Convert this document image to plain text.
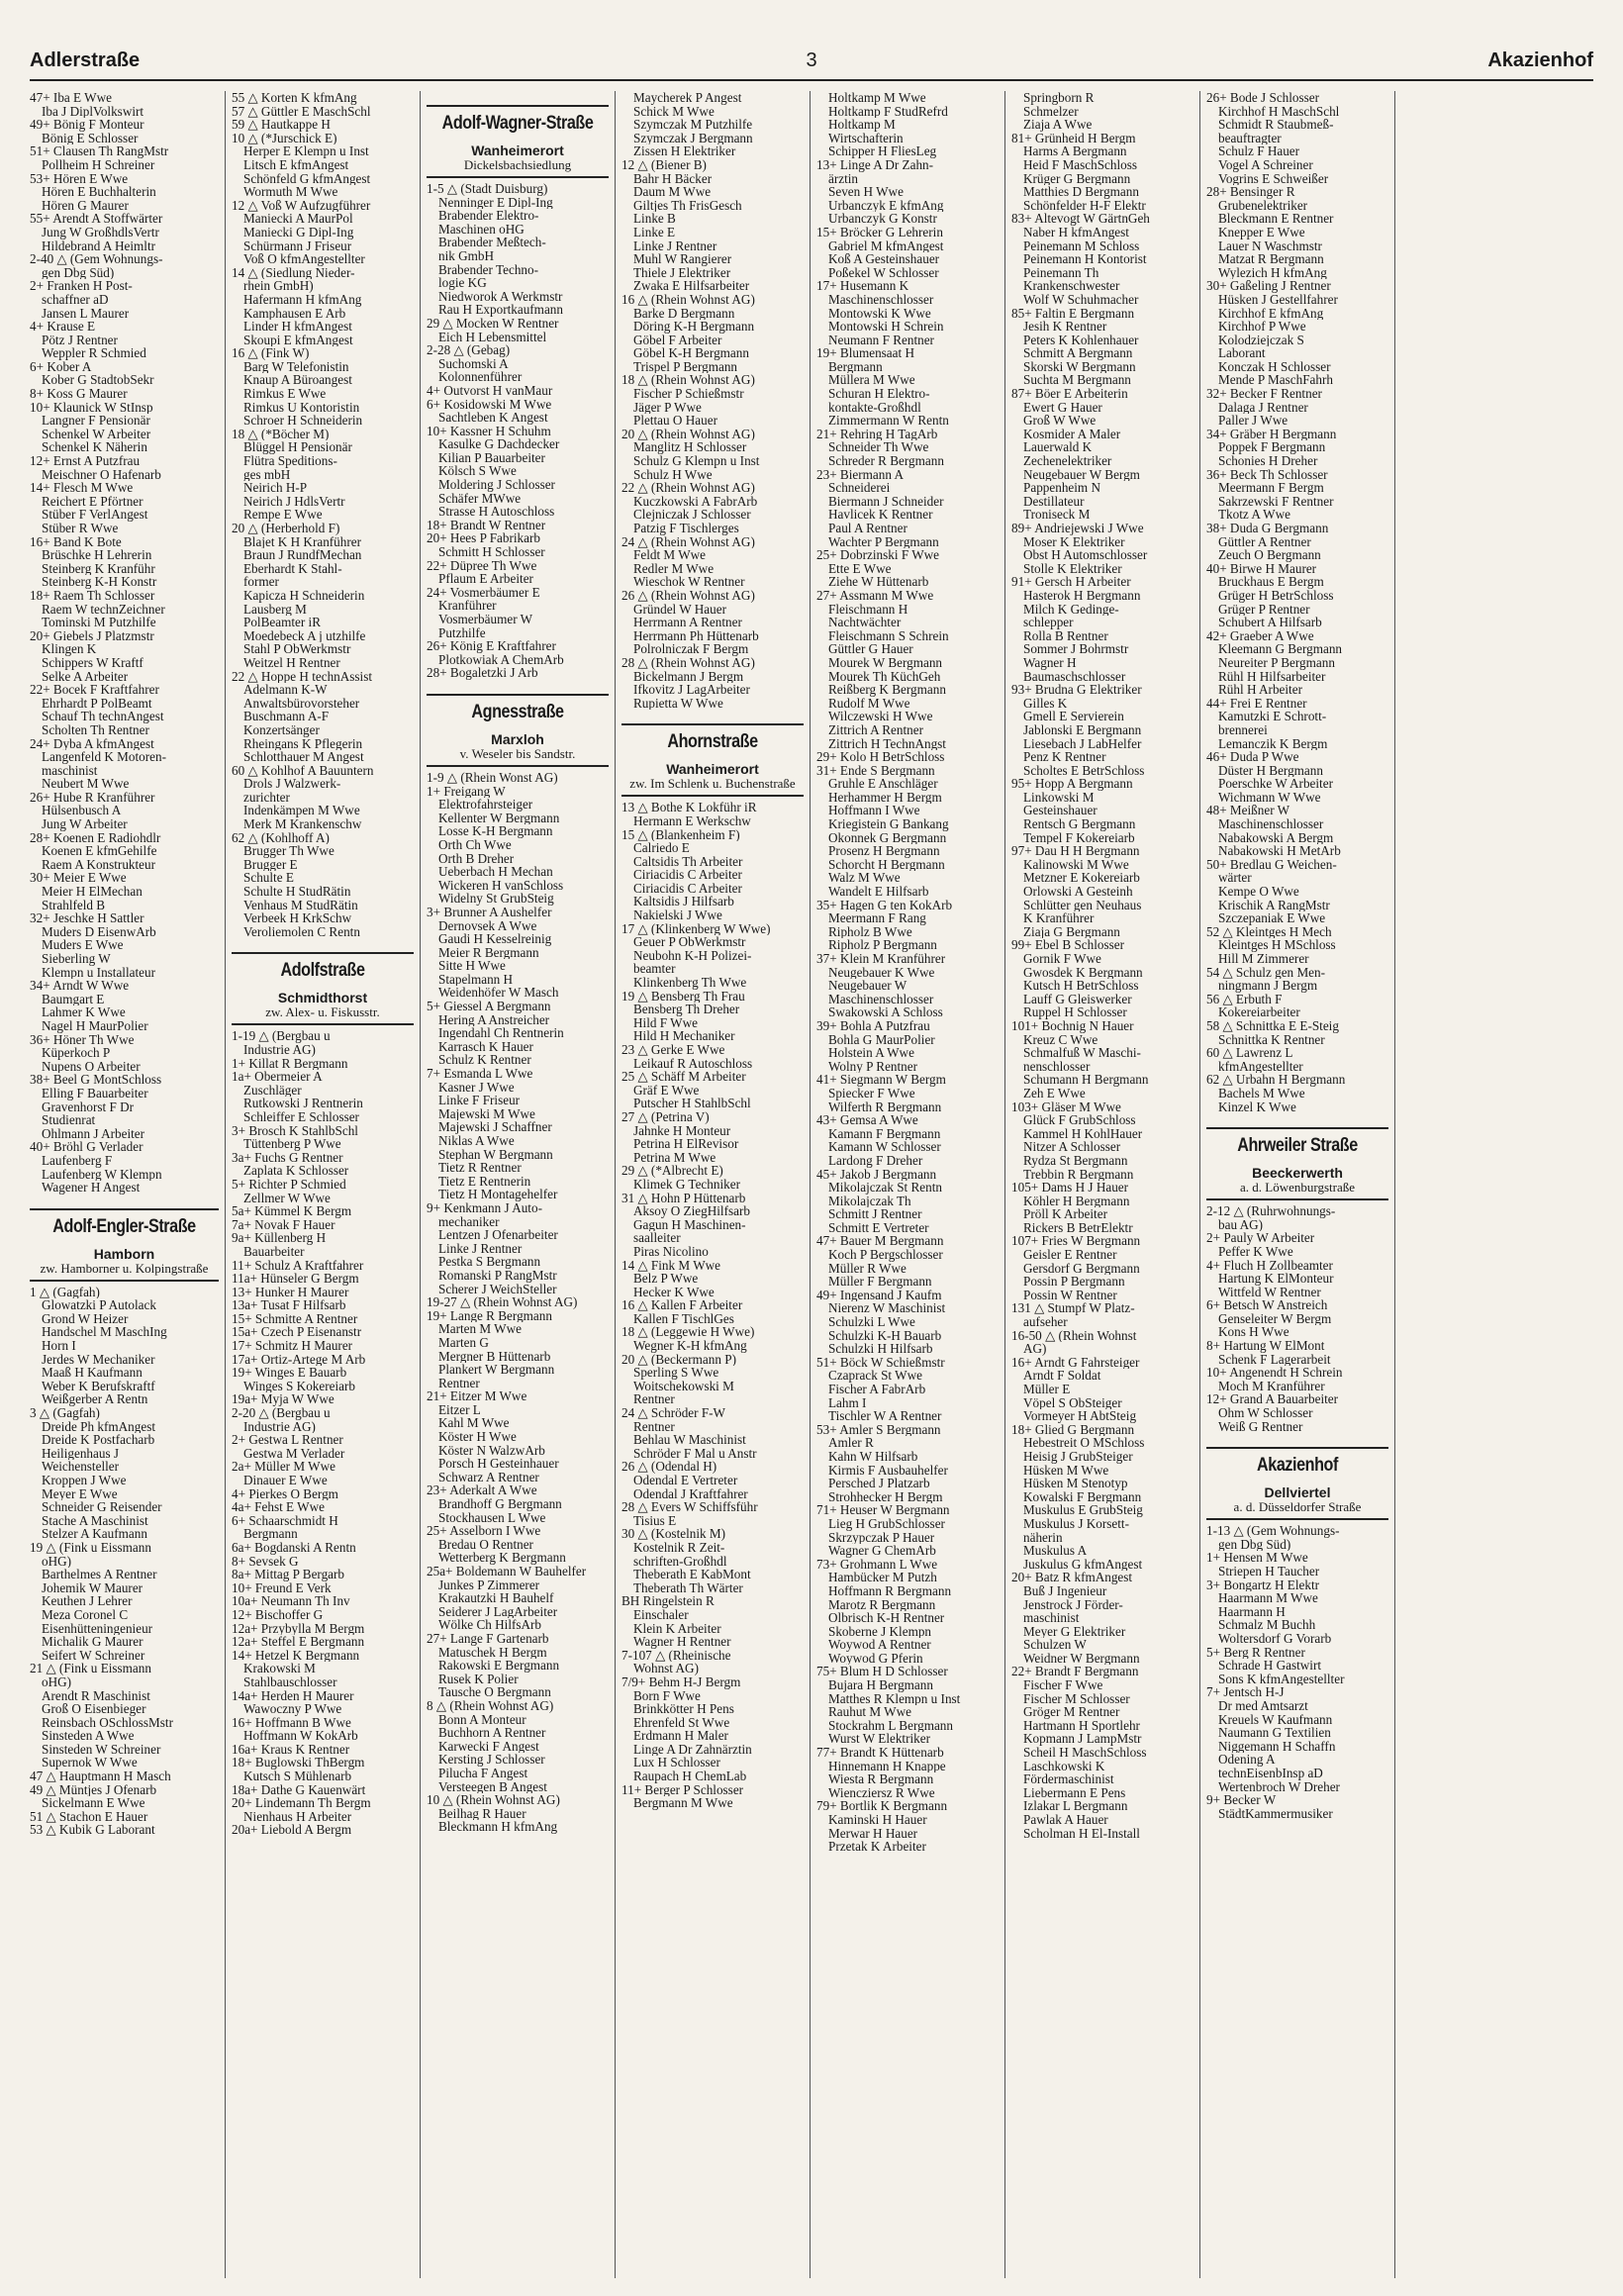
Adlerstraße	3	Akazienhof
47+ Iba E Wwe
Iba J DiplVolkswirt
49+ Bönig F Monteur
Bönig E Schlosser
51+ Clausen Th RangMstr
Pollheim H Schreiner
53+ Hören E Wwe
Hören E Buchhalterin
Hören G Maurer
55+ Arendt A Stoffwärter
Jung W GroßhdlsVertr
Hildebrand A Heimltr
2-40 △ (Gem Wohnungs-
gen Dbg Süd)
2+ Franken H Post-
schaffner aD
Jansen L Maurer
4+ Krause E
Pötz J Rentner
Weppler R Schmied
6+ Kober A
Kober G StadtobSekr
8+ Koss G Maurer
10+ Klaunick W StInsp
Langner F Pensionär
Schenkel W Arbeiter
Schenkel K Näherin
12+ Ernst A Putzfrau
Meischner O Hafenarb
14+ Flesch M Wwe
Reichert E Pförtner
Stüber F VerlAngest
Stüber R Wwe
16+ Band K Bote
Brüschke H Lehrerin
Steinberg K Kranführ
Steinberg K-H Konstr
18+ Raem Th Schlosser
Raem W technZeichner
Tominski M Putzhilfe
20+ Giebels J Platzmstr
Klingen K
Schippers W Kraftf
Selke A Arbeiter
22+ Bocek F Kraftfahrer
Ehrhardt P PolBeamt
Schauf Th technAngest
Scholten Th Rentner
24+ Dyba A kfmAngest
Langenfeld K Motoren-
maschinist
Neubert M Wwe
26+ Hube R Kranführer
Hülsenbusch A
Jung W Arbeiter
28+ Koenen E Radiohdlr
Koenen E kfmGehilfe
Raem A Konstrukteur
30+ Meier E Wwe
Meier H ElMechan
Strahlfeld B
32+ Jeschke H Sattler
Muders D EisenwArb
Muders E Wwe
Sieberling W
Klempn u Installateur
34+ Arndt W Wwe
Baumgart E
Lahmer K Wwe
Nagel H MaurPolier
36+ Höner Th Wwe
Küperkoch P
Nupens O Arbeiter
38+ Beel G MontSchloss
Elling F Bauarbeiter
Gravenhorst F Dr
Studienrat
Ohlmann J Arbeiter
40+ Bröhl G Verlader
Laufenberg F
Laufenberg W Klempn
Wagener H Angest
Adolf-Engler-Straße
Hamborn
zw. Hamborner u. Kolpingstraße
1 △ (Gagfah)
Glowatzki P Autolack
Grond W Heizer
Handschel M MaschIng
Horn I
Jerdes W Mechaniker
Maaß H Kaufmann
Weber K Berufskraftf
Weißgerber A Rentn
3 △ (Gagfah)
Dreide Ph kfmAngest
Dreide K Postfacharb
Heiligenhaus J
Weichensteller
Kroppen J Wwe
Meyer E Wwe
Schneider G Reisender
Stache A Maschinist
Stelzer A Kaufmann
19 △ (Fink u Eissmann
oHG)
Barthelmes A Rentner
Johemik W Maurer
Keuthen J Lehrer
Meza Coronel C
Eisenhütteningenieur
Michalik G Maurer
Seifert W Schreiner
21 △ (Fink u Eissmann
oHG)
Arendt R Maschinist
Groß O Eisenbieger
Reinsbach OSchlossMstr
Sinsteden A Wwe
Sinsteden W Schreiner
Supernok W Wwe
47 △ Hauptmann H Masch
49 △ Müntjes J Ofenarb
Sickelmann E Wwe
51 △ Stachon E Hauer
53 △ Kubik G Laborant
55 △ Korten K kfmAng
57 △ Güttler E MaschSchl
59 △ Hautkappe H
10 △ (*Jurschick E)
Herper E Klempn u Inst
Litsch E kfmAngest
Schönfeld G kfmAngest
Wormuth M Wwe
12 △ Voß W Aufzugführer
Maniecki A MaurPol
Maniecki G Dipl-Ing
Schürmann J Friseur
Voß O kfmAngestellter
14 △ (Siedlung Nieder-
rhein GmbH)
Hafermann H kfmAng
Kamphausen E Arb
Linder H kfmAngest
Skoupi E kfmAngest
16 △ (Fink W)
Barg W Telefonistin
Knaup A Büroangest
Rimkus E Wwe
Rimkus U Kontoristin
Schroer H Schneiderin
18 △ (*Böcher M)
Blüggel H Pensionär
Flütra Speditions-
ges mbH
Neirich H-P
Neirich J HdlsVertr
Rempe E Wwe
20 △ (Herberhold F)
Blajet K H Kranführer
Braun J RundfMechan
Eberhardt K Stahl-
former
Kapicza H Schneiderin
Lausberg M
PolBeamter iR
Moedebeck A j utzhilfe
Stahl P ObWerkmstr
Weitzel H Rentner
22 △ Hoppe H technAssist
Adelmann K-W
Anwaltsbürovorsteher
Buschmann A-F
Konzertsänger
Rheingans K Pflegerin
Schlotthauer M Angest
60 △ Kohlhof A Bauuntern
Drols J Walzwerk-
zurichter
Indenkämpen M Wwe
Merk M Krankenschw
62 △ (Kohlhoff A)
Brugger Th Wwe
Brugger E
Schulte E
Schulte H StudRätin
Venhaus M StudRätin
Verbeek H KrkSchw
Veroliemolen C Rentn
Adolfstraße
Schmidthorst
zw. Alex- u. Fiskusstr.
1-19 △ (Bergbau u
Industrie AG)
1+ Killat R Bergmann
1a+ Obermeier A
Zuschläger
Rutkowski J Rentnerin
Schleiffer E Schlosser
3+ Brosch K StahlbSchl
Tüttenberg P Wwe
3a+ Fuchs G Rentner
Zaplata K Schlosser
5+ Richter P Schmied
Zellmer W Wwe
5a+ Kümmel K Bergm
7a+ Novak F Hauer
9a+ Küllenberg H
Bauarbeiter
11+ Schulz A Kraftfahrer
11a+ Hünseler G Bergm
13+ Hunker H Maurer
13a+ Tusat F Hilfsarb
15+ Schmitte A Rentner
15a+ Czech P Eisenanstr
17+ Schmitz H Maurer
17a+ Ortiz-Artege M Arb
19+ Winges E Bauarb
Winges S Kokereiarb
19a+ Myja W Wwe
2-20 △ (Bergbau u
Industrie AG)
2+ Gestwa L Rentner
Gestwa M Verlader
2a+ Müller M Wwe
Dinauer E Wwe
4+ Pierkes O Bergm
4a+ Fehst E Wwe
6+ Schaarschmidt H
Bergmann
6a+ Bogdanski A Rentn
8+ Sevsek G
8a+ Mittag P Bergarb
10+ Freund E Verk
10a+ Neumann Th Inv
12+ Bischoffer G
12a+ Przybylla M Bergm
12a+ Steffel E Bergmann
14+ Hetzel K Bergmann
Krakowski M
Stahlbauschlosser
14a+ Herden H Maurer
Wawoczny P Wwe
16+ Hoffmann B Wwe
Hoffmann W KokArb
16a+ Kraus K Rentner
18+ Buglowski ThBergm
Kutsch S Mühlenarb
18a+ Dathe G Kauenwärt
20+ Lindemann Th Bergm
Nienhaus H Arbeiter
20a+ Liebold A Bergm
Adolf-Wagner-Straße
Wanheimerort
Dickelsbachsiedlung
1-5 △ (Stadt Duisburg)
Nenninger E Dipl-Ing
Brabender Elektro-
Maschinen oHG
Brabender Meßtech-
nik GmbH
Brabender Techno-
logie KG
Niedworok A Werkmstr
Rau H Exportkaufmann
29 △ Mocken W Rentner
Eich H Lebensmittel
2-28 △ (Gebag)
Suchomski A
Kolonnenführer
4+ Outvorst H vanMaur
6+ Kosidowski M Wwe
Sachtleben K Angest
10+ Kassner H Schuhm
Kasulke G Dachdecker
Kilian P Bauarbeiter
Kölsch S Wwe
Moldering J Schlosser
Schäfer MWwe
Strasse H Autoschloss
18+ Brandt W Rentner
20+ Hees P Fabrikarb
Schmitt H Schlosser
22+ Düpree Th Wwe
Pflaum E Arbeiter
24+ Vosmerbäumer E
Kranführer
Vosmerbäumer W
Putzhilfe
26+ König E Kraftfahrer
Plotkowiak A ChemArb
28+ Bogaletzki J Arb
Agnesstraße
Marxloh
v. Weseler bis Sandstr.
1-9 △ (Rhein Wonst AG)
1+ Freigang W
Elektrofahrsteiger
Kellenter W Bergmann
Losse K-H Bergmann
Orth Ch Wwe
Orth B Dreher
Ueberbach H Mechan
Wickeren H vanSchloss
Widelny St GrubSteig
3+ Brunner A Aushelfer
Dernovsek A Wwe
Gaudi H Kesselreinig
Meier R Bergmann
Sitte H Wwe
Stapelmann H
Weidenhöfer W Masch
5+ Giessel A Bergmann
Hering A Anstreicher
Ingendahl Ch Rentnerin
Karrasch K Hauer
Schulz K Rentner
7+ Esmanda L Wwe
Kasner J Wwe
Linke F Friseur
Majewski M Wwe
Majewski J Schaffner
Niklas A Wwe
Stephan W Bergmann
Tietz R Rentner
Tietz E Rentnerin
Tietz H Montagehelfer
9+ Kenkmann J Auto-
mechaniker
Lentzen J Ofenarbeiter
Linke J Rentner
Pestka S Bergmann
Romanski P RangMstr
Scherer J WeichSteller
19-27 △ (Rhein Wohnst AG)
19+ Lange R Bergmann
Marten M Wwe
Marten G
Mergner B Hüttenarb
Plankert W Bergmann
Rentner
21+ Eitzer M Wwe
Eitzer L
Kahl M Wwe
Köster H Wwe
Köster N WalzwArb
Porsch H Gesteinhauer
Schwarz A Rentner
23+ Aderkalt A Wwe
Brandhoff G Bergmann
Stockhausen L Wwe
25+ Asselborn I Wwe
Bredau O Rentner
Wetterberg K Bergmann
25a+ Boldemann W Bauhelfer
Junkes P Zimmerer
Krakautzki H Bauhelf
Seiderer J LagArbeiter
Wölke Ch HilfsArb
27+ Lange F Gartenarb
Matuschek H Bergm
Rakowski E Bergmann
Rusek K Polier
Tausche O Bergmann
8 △ (Rhein Wohnst AG)
Bonn A Monteur
Buchhorn A Rentner
Karwecki F Angest
Kersting J Schlosser
Pilucha F Angest
Versteegen B Angest
10 △ (Rhein Wohnst AG)
Beilhag R Hauer
Bleckmann H kfmAng
Maycherek P Angest
Schick M Wwe
Szymczak M Putzhilfe
Szymczak J Bergmann
Zissen H Elektriker
12 △ (Biener B)
Bahr H Bäcker
Daum M Wwe
Giltjes Th FrisGesch
Linke B
Linke E
Linke J Rentner
Muhl W Rangierer
Thiele J Elektriker
Zwaka E Hilfsarbeiter
16 △ (Rhein Wohnst AG)
Barke D Bergmann
Döring K-H Bergmann
Göbel F Arbeiter
Göbel K-H Bergmann
Trispel P Bergmann
18 △ (Rhein Wohnst AG)
Fischer P Schießmstr
Jäger P Wwe
Plettau O Hauer
20 △ (Rhein Wohnst AG)
Manglitz H Schlosser
Schulz G Klempn u Inst
Schulz H Wwe
22 △ (Rhein Wohnst AG)
Kuczkowski A FabrArb
Clejniczak J Schlosser
Patzig F Tischlerges
24 △ (Rhein Wohnst AG)
Feldt M Wwe
Redler M Wwe
Wieschok W Rentner
26 △ (Rhein Wohnst AG)
Gründel W Hauer
Herrmann A Rentner
Herrmann Ph Hüttenarb
Polrolniczak F Bergm
28 △ (Rhein Wohnst AG)
Bickelmann J Bergm
Ifkovitz J LagArbeiter
Rupietta W Wwe
Ahornstraße
Wanheimerort
zw. Im Schlenk u. Buchenstraße
13 △ Bothe K Lokführ iR
Hermann E Werkschw
15 △ (Blankenheim F)
Calriedo E
Caltsidis Th Arbeiter
Ciriacidis C Arbeiter
Ciriacidis C Arbeiter
Kaltsidis J Hilfsarb
Nakielski J Wwe
17 △ (Klinkenberg W Wwe)
Geuer P ObWerkmstr
Neubohn K-H Polizei-
beamter
Klinkenberg Th Wwe
19 △ Bensberg Th Frau
Bensberg Th Dreher
Hild F Wwe
Hild H Mechaniker
23 △ Gerke E Wwe
Leikauf R Autoschloss
25 △ Schäff M Arbeiter
Gräf E Wwe
Putscher H StahlbSchl
27 △ (Petrina V)
Jahnke H Monteur
Petrina H ElRevisor
Petrina M Wwe
29 △ (*Albrecht E)
Klimek G Techniker
31 △ Hohn P Hüttenarb
Aksoy O ZiegHilfsarb
Gagun H Maschinen-
saalleiter
Piras Nicolino
14 △ Fink M Wwe
Belz P Wwe
Hecker K Wwe
16 △ Kallen F Arbeiter
Kallen F TischlGes
18 △ (Leggewie H Wwe)
Wegner K-H kfmAng
20 △ (Beckermann P)
Sperling S Wwe
Woitschekowski M
Rentner
24 △ Schröder F-W
Rentner
Behlau W Maschinist
Schröder F Mal u Anstr
26 △ (Odendal H)
Odendal E Vertreter
Odendal J Kraftfahrer
28 △ Evers W Schiffsführ
Tisius E
30 △ (Kostelnik M)
Kostelnik R Zeit-
schriften-Großhdl
Theberath E KabMont
Theberath Th Wärter
BH Ringelstein R
Einschaler
Klein K Arbeiter
Wagner H Rentner
7-107 △ (Rheinische
Wohnst AG)
7/9+ Behm H-J Bergm
Born F Wwe
Brinkkötter H Pens
Ehrenfeld St Wwe
Erdmann H Maler
Linge A Dr Zahnärztin
Lux H Schlosser
Raupach H ChemLab
11+ Berger P Schlosser
Bergmann M Wwe
Holtkamp M Wwe
Holtkamp F StudRefrd
Holtkamp M
Wirtschafterin
Schipper H FliesLeg
13+ Linge A Dr Zahn-
ärztin
Seven H Wwe
Urbanczyk E kfmAng
Urbanczyk G Konstr
15+ Bröcker G Lehrerin
Gabriel M kfmAngest
Koß A Gesteinshauer
Poßekel W Schlosser
17+ Husemann K
Maschinenschlosser
Montowski K Wwe
Montowski H Schrein
Neumann F Rentner
19+ Blumensaat H
Bergmann
Müllera M Wwe
Schuran H Elektro-
kontakte-Großhdl
Zimmermann W Rentn
21+ Rehring H TagArb
Schneider Th Wwe
Schreder R Bergmann
23+ Biermann A
Schneiderei
Biermann J Schneider
Havlicek K Rentner
Paul A Rentner
Wachter P Bergmann
25+ Dobrzinski F Wwe
Ette E Wwe
Ziehe W Hüttenarb
27+ Assmann M Wwe
Fleischmann H
Nachtwächter
Fleischmann S Schrein
Güttler G Hauer
Mourek W Bergmann
Mourek Th KüchGeh
Reißberg K Bergmann
Rudolf M Wwe
Wilczewski H Wwe
Zittrich A Rentner
Zittrich H TechnAngst
29+ Kolo H BetrSchloss
31+ Ende S Bergmann
Gruhle E Anschläger
Herhammer H Bergm
Hoffmann I Wwe
Kriegistein G Bankang
Okonnek G Bergmann
Prosenz H Bergmann
Schorcht H Bergmann
Walz M Wwe
Wandelt E Hilfsarb
35+ Hagen G ten KokArb
Meermann F Rang
Ripholz B Wwe
Ripholz P Bergmann
37+ Klein M Kranführer
Neugebauer K Wwe
Neugebauer W
Maschinenschlosser
Swakowski A Schloss
39+ Bohla A Putzfrau
Bohla G MaurPolier
Holstein A Wwe
Wolny P Rentner
41+ Siegmann W Bergm
Spiecker F Wwe
Wilferth R Bergmann
43+ Gemsa A Wwe
Kamann F Bergmann
Kamann W Schlosser
Lardong F Dreher
45+ Jakob J Bergmann
Mikolajczak St Rentn
Mikolajczak Th
Schmitt J Rentner
Schmitt E Vertreter
47+ Bauer M Bergmann
Koch P Bergschlosser
Müller R Wwe
Müller F Bergmann
49+ Ingensand J Kaufm
Nierenz W Maschinist
Schulzki L Wwe
Schulzki K-H Bauarb
Schulzki H Hilfsarb
51+ Böck W Schießmstr
Czaprack St Wwe
Fischer A FabrArb
Lahm I
Tischler W A Rentner
53+ Amler S Bergmann
Amler R
Kahn W Hilfsarb
Kirmis F Ausbauhelfer
Persched J Platzarb
Strohhecker H Bergm
71+ Heuser W Bergmann
Lieg H GrubSchlosser
Skrzypczak P Hauer
Wagner G ChemArb
73+ Grohmann L Wwe
Hambücker M Putzh
Hoffmann R Bergmann
Marotz R Bergmann
Olbrisch K-H Rentner
Skoberne J Klempn
Woywod A Rentner
Woywod G Pferin
75+ Blum H D Schlosser
Bujara H Bergmann
Matthes R Klempn u Inst
Rauhut M Wwe
Stockrahm L Bergmann
Wurst W Elektriker
77+ Brandt K Hüttenarb
Hinnemann H Knappe
Wiesta R Bergmann
Wiencziersz R Wwe
79+ Bortlik K Bergmann
Kaminski H Hauer
Merwar H Hauer
Przetak K Arbeiter
Springborn R
Schmelzer
Ziaja A Wwe
81+ Grünheid H Bergm
Harms A Bergmann
Heid F MaschSchloss
Krüger G Bergmann
Matthies D Bergmann
Schönfelder H-F Elektr
83+ Altevogt W GärtnGeh
Naber H kfmAngest
Peinemann M Schloss
Peinemann H Kontorist
Peinemann Th
Krankenschwester
Wolf W Schuhmacher
85+ Faltin E Bergmann
Jesih K Rentner
Peters K Kohlenhauer
Schmitt A Bergmann
Skorski W Bergmann
Suchta M Bergmann
87+ Böer E Arbeiterin
Ewert G Hauer
Groß W Wwe
Kosmider A Maler
Lauerwald K
Zechenelektriker
Neugebauer W Bergm
Pappenheim N
Destillateur
Troniseck M
89+ Andriejewski J Wwe
Moser K Elektriker
Obst H Automschlosser
Stolle K Elektriker
91+ Gersch H Arbeiter
Hasterok H Bergmann
Milch K Gedinge-
schlepper
Rolla B Rentner
Sommer J Bohrmstr
Wagner H
Baumaschschlosser
93+ Brudna G Elektriker
Gilles K
Gmell E Servierein
Jablonski E Bergmann
Liesebach J LabHelfer
Penz K Rentner
Scholtes E BetrSchloss
95+ Hopp A Bergmann
Linkowski M
Gesteinshauer
Rentsch G Bergmann
Tempel F Kokereiarb
97+ Dau H H Bergmann
Kalinowski M Wwe
Metzner E Kokereiarb
Orlowski A Gesteinh
Schlütter gen Neuhaus
K Kranführer
Ziaja G Bergmann
99+ Ebel B Schlosser
Gornik F Wwe
Gwosdek K Bergmann
Kutsch H BetrSchloss
Lauff G Gleiswerker
Ruppel H Schlosser
101+ Bochnig N Hauer
Kreuz C Wwe
Schmalfuß W Maschi-
nenschlosser
Schumann H Bergmann
Zeh E Wwe
103+ Gläser M Wwe
Glück F GrubSchloss
Kammel H KohlHauer
Nitzer A Schlosser
Rydza St Bergmann
Trebbin R Bergmann
105+ Dams H J Hauer
Köhler H Bergmann
Pröll K Arbeiter
Rickers B BetrElektr
107+ Fries W Bergmann
Geisler E Rentner
Gersdorf G Bergmann
Possin P Bergmann
Possin W Rentner
131 △ Stumpf W Platz-
aufseher
16-50 △ (Rhein Wohnst
AG)
16+ Arndt G Fahrsteiger
Arndt F Soldat
Müller E
Vöpel S ObSteiger
Vormeyer H AbtSteig
18+ Glied G Bergmann
Hebestreit O MSchloss
Heisig J GrubSteiger
Hüsken M Wwe
Hüsken M Stenotyp
Kowalski F Bergmann
Muskulus E GrubSteig
Muskulus J Korsett-
näherin
Muskulus A
Juskulus G kfmAngest
20+ Batz R kfmAngest
Buß J Ingenieur
Jenstrock J Förder-
maschinist
Meyer G Elektriker
Schulzen W
Weidner W Bergmann
22+ Brandt F Bergmann
Fischer F Wwe
Fischer M Schlosser
Gröger M Rentner
Hartmann H Sportlehr
Kopmann J LampMstr
Scheil H MaschSchloss
Laschkowski K
Fördermaschinist
Liebermann E Pens
Izlakar L Bergmann
Pawlak A Hauer
Scholman H El-Install
26+ Bode J Schlosser
Kirchhof H MaschSchl
Schmidt R Staubmeß-
beauftragter
Schulz F Hauer
Vogel A Schreiner
Vogrins E Schweißer
28+ Bensinger R
Grubenelektriker
Bleckmann E Rentner
Knepper E Wwe
Lauer N Waschmstr
Matzat R Bergmann
Wylezich H kfmAng
30+ Gaßeling J Rentner
Hüsken J Gestellfahrer
Kirchhof E kfmAng
Kirchhof P Wwe
Kolodziejczak S
Laborant
Konczak H Schlosser
Mende P MaschFahrh
32+ Becker F Rentner
Dalaga J Rentner
Paller J Wwe
34+ Gräber H Bergmann
Poppek F Bergmann
Schonies H Dreher
36+ Beck Th Schlosser
Meermann F Bergm
Sakrzewski F Rentner
Tkotz A Wwe
38+ Duda G Bergmann
Güttler A Rentner
Zeuch O Bergmann
40+ Birwe H Maurer
Bruckhaus E Bergm
Grüger H BetrSchloss
Grüger P Rentner
Schubert A Hilfsarb
42+ Graeber A Wwe
Kleemann G Bergmann
Neureiter P Bergmann
Rühl H Hilfsarbeiter
Rühl H Arbeiter
44+ Frei E Rentner
Kamutzki E Schrott-
brennerei
Lemanczik K Bergm
46+ Duda P Wwe
Düster H Bergmann
Poerschke W Arbeiter
Wichmann W Wwe
48+ Meißner W
Maschinenschlosser
Nabakowski A Bergm
Nabakowski H MetArb
50+ Bredlau G Weichen-
wärter
Kempe O Wwe
Krischik A RangMstr
Szczepaniak E Wwe
52 △ Kleintges H Mech
Kleintges H MSchloss
Hill M Zimmerer
54 △ Schulz gen Men-
ningmann J Bergm
56 △ Erbuth F
Kokereiarbeiter
58 △ Schnittka E E-Steig
Schnittka K Rentner
60 △ Lawrenz L
kfmAngestellter
62 △ Urbahn H Bergmann
Bachels M Wwe
Kinzel K Wwe
Ahrweiler Straße
Beeckerwerth
a. d. Löwenburgstraße
2-12 △ (Ruhrwohnungs-
bau AG)
2+ Pauly W Arbeiter
Peffer K Wwe
4+ Fluch H Zollbeamter
Hartung K ElMonteur
Wittfeld W Rentner
6+ Betsch W Anstreich
Genseleiter W Bergm
Kons H Wwe
8+ Hartung W ElMont
Schenk F Lagerarbeit
10+ Angenendt H Schrein
Moch M Kranführer
12+ Grand A Bauarbeiter
Ohm W Schlosser
Weiß G Rentner
Akazienhof
Dellviertel
a. d. Düsseldorfer Straße
1-13 △ (Gem Wohnungs-
gen Dbg Süd)
1+ Hensen M Wwe
Striepen H Taucher
3+ Bongartz H Elektr
Haarmann M Wwe
Haarmann H
Schmalz M Buchh
Woltersdorf G Vorarb
5+ Berg R Rentner
Schrade H Gastwirt
Sons K kfmAngestellter
7+ Jentsch H-J
Dr med Amtsarzt
Kreuels W Kaufmann
Naumann G Textilien
Niggemann H Schaffn
Odening A
technEisenbInsp aD
Wertenbroch W Dreher
9+ Becker W
StädtKammermusiker
